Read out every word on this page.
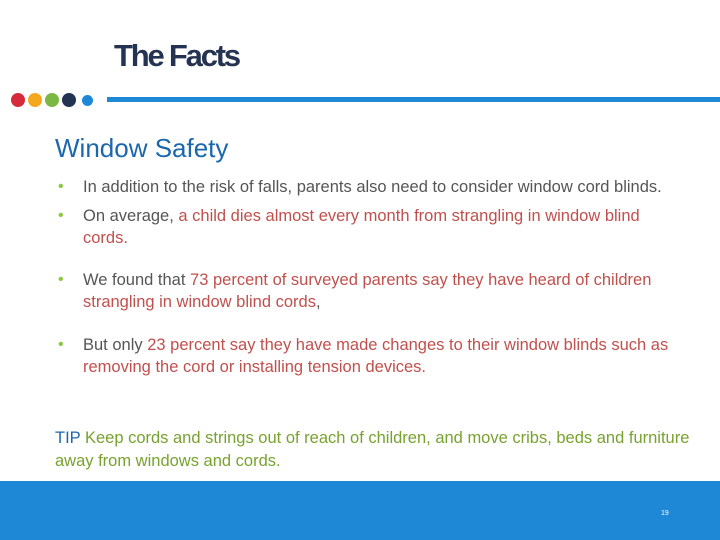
The Facts
Window Safety
• In addition to the risk of falls, parents also need to consider window cord blinds.
• On average, a child dies almost every month from strangling in window blind cords.
• We found that 73 percent of surveyed parents say they have heard of children strangling in window blind cords,
• But only 23 percent say they have made changes to their window blinds such as removing the cord or installing tension devices.
TIP Keep cords and strings out of reach of children, and move cribs, beds and furniture away from windows and cords.
19
